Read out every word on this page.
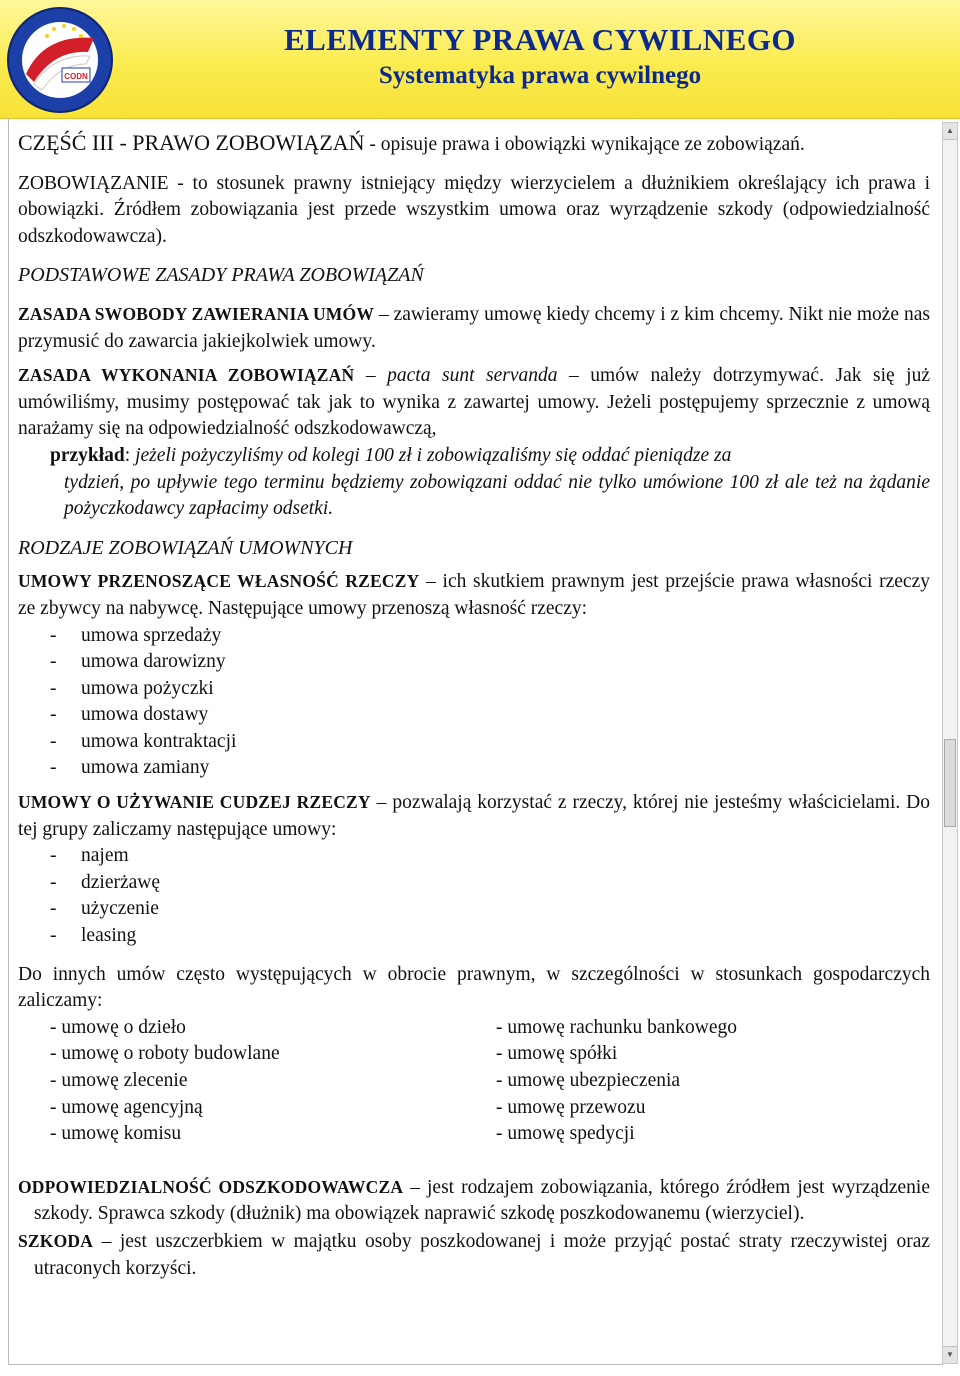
CODN
ELEMENTY PRAWA CYWILNEGO
Systematyka prawa cywilnego
▲
▼

CZĘŚĆ III - PRAWO ZOBOWIĄZAŃ - opisuje prawa i obowiązki wynikające ze zobowiązań.

ZOBOWIĄZANIE - to stosunek prawny istniejący między wierzycielem a dłużnikiem określający ich prawa i obowiązki. Źródłem zobowiązania jest przede wszystkim umowa oraz wyrządzenie szkody (odpowiedzialność odszkodowawcza).

PODSTAWOWE ZASADY PRAWA ZOBOWIĄZAŃ

ZASADA SWOBODY ZAWIERANIA UMÓW – zawieramy umowę kiedy chcemy i z kim chcemy. Nikt nie może nas przymusić do zawarcia jakiejkolwiek umowy.

ZASADA WYKONANIA ZOBOWIĄZAŃ – pacta sunt servanda – umów należy dotrzymywać. Jak się już umówiliśmy, musimy postępować tak jak to wynika z zawartej umowy. Jeżeli postępujemy sprzecznie z umową narażamy się na odpowiedzialność odszkodowawczą,

przykład: jeżeli pożyczyliśmy od kolegi 100 zł i zobowiązaliśmy się oddać pieniądze za

tydzień, po upływie tego terminu będziemy zobowiązani oddać nie tylko umówione 100 zł ale też na żądanie pożyczkodawcy zapłacimy odsetki.

RODZAJE ZOBOWIĄZAŃ UMOWNYCH

UMOWY PRZENOSZĄCE WŁASNOŚĆ RZECZY – ich skutkiem prawnym jest przejście prawa własności rzeczy ze zbywcy na nabywcę. Następujące umowy przenoszą własność rzeczy:

-	umowa sprzedaży
-	umowa darowizny
-	umowa pożyczki
-	umowa dostawy
-	umowa kontraktacji
-	umowa zamiany

UMOWY O UŻYWANIE CUDZEJ RZECZY – pozwalają korzystać z rzeczy, której nie jesteśmy właścicielami. Do tej grupy zaliczamy następujące umowy:

-	najem
-	dzierżawę
-	użyczenie
-	leasing

Do innych umów często występujących w obrocie prawnym, w szczególności w stosunkach gospodarczych zaliczamy:

- umowę o dzieło
- umowę o roboty budowlane
- umowę zlecenie
- umowę agencyjną
- umowę komisu
- umowę rachunku bankowego
- umowę spółki
- umowę ubezpieczenia
- umowę przewozu
- umowę spedycji

ODPOWIEDZIALNOŚĆ ODSZKODOWAWCZA – jest rodzajem zobowiązania, którego źródłem jest wyrządzenie szkody. Sprawca szkody (dłużnik) ma obowiązek naprawić szkodę poszkodowanemu (wierzyciel).

SZKODA – jest uszczerbkiem w majątku osoby poszkodowanej i może przyjąć postać straty rzeczywistej oraz utraconych korzyści.
